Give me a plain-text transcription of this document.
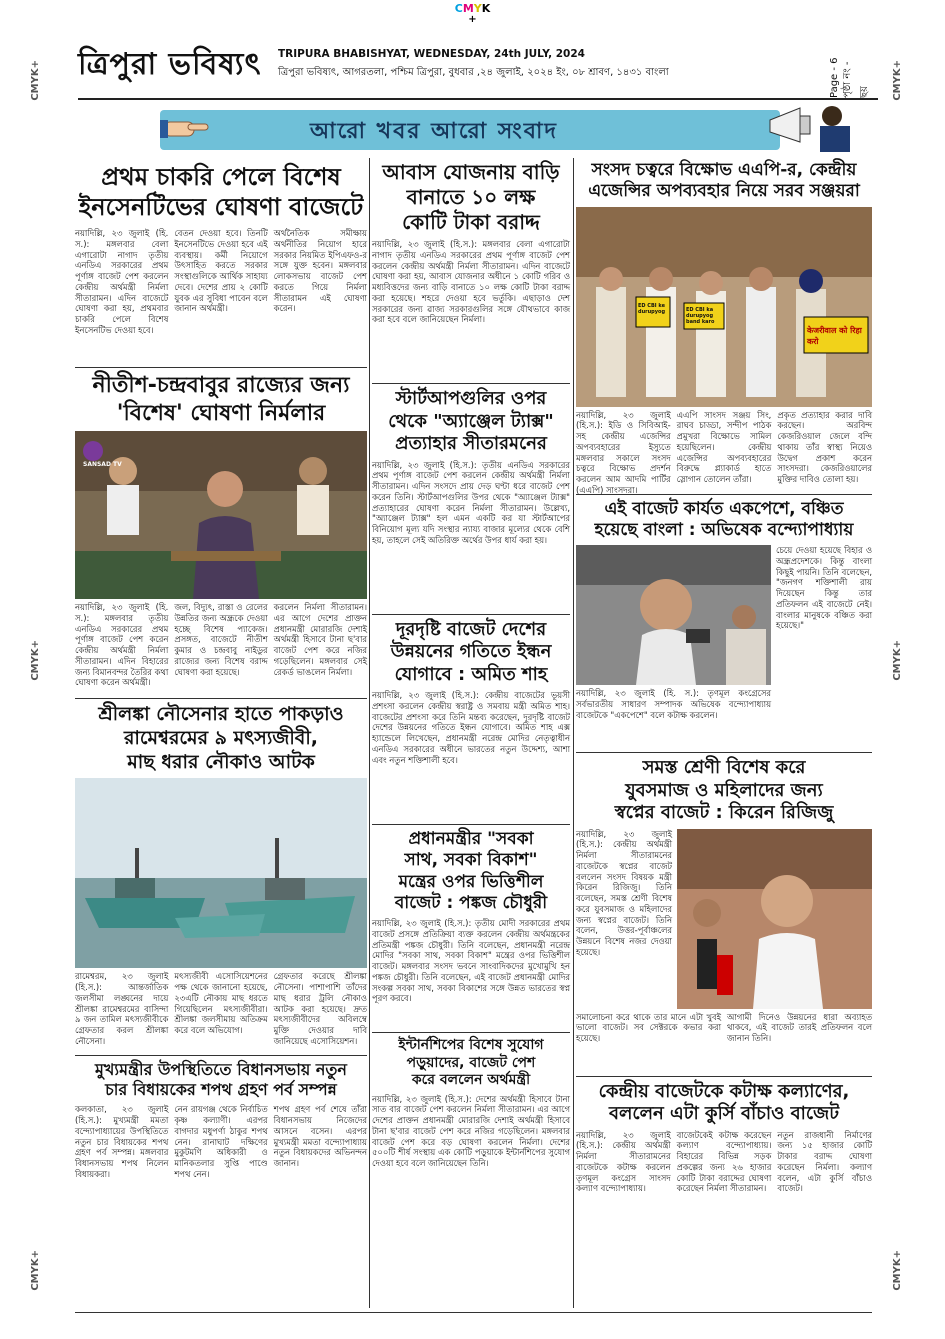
CMYK
+
CMYK+
CMYK+
CMYK+
CMYK+
CMYK+
CMYK+
ত্রিপুরা ভবিষ্যৎ TRIPURA BHABISHYAT, WEDNESDAY, 24th JULY, 2024
ত্রিপুরা ভবিষ্যৎ, আগরতলা, পশ্চিম ত্রিপুরা, বুধবার ,২৪ জুলাই, ২০২৪ ইং, ০৮ শ্রাবণ, ১৪৩১ বাংলা	Page - 6 পৃষ্ঠা নং - ছয়
আরো খবর আরো সংবাদ
প্রথম চাকরি পেলে বিশেষ
ইনসেনটিভের ঘোষণা বাজেটে
নয়াদিল্লি, ২৩ জুলাই (হি. স.): মঙ্গলবার বেলা এগারোটা নাগাদ তৃতীয় এনডিএ সরকারের প্রথম পূর্ণাঙ্গ বাজেট পেশ করলেন কেন্দ্রীয় অর্থমন্ত্রী নির্মলা সীতারামন। এদিন বাজেটে ঘোষণা করা হয়, প্রথমবার চাকরি পেলে বিশেষ ইনসেনটিভ দেওয়া হবে।
বেতন দেওয়া হবে। তিনটি ইনসেনটিভে দেওয়া হবে এই ব্যবস্থায়। কর্মী নিয়োগে উৎসাহিত করতে সরকার সংস্থাগুলিকে আর্থিক সাহায্য দেবে। দেশের প্রায় ২ কোটি যুবক এর সুবিধা পাবেন বলে জানান অর্থমন্ত্রী।
অর্থনৈতিক সমীক্ষায় অর্থনীতির নিয়োগ হারে সরকার নিয়মিত ইপিএফও-র সঙ্গে যুক্ত হবেন। মঙ্গলবার লোকসভায় বাজেট পেশ করতে গিয়ে নির্মলা সীতারামন এই ঘোষণা করেন।
নীতীশ-চন্দ্রবাবুর রাজ্যের জন্য
'বিশেষ' ঘোষণা নির্মলার
SANSAD TV
নয়াদিল্লি, ২৩ জুলাই (হি. স.): মঙ্গলবার তৃতীয় এনডিএ সরকারের প্রথম পূর্ণাঙ্গ বাজেট পেশ করেন কেন্দ্রীয় অর্থমন্ত্রী নির্মলা সীতারামন। এদিন বিহারের জন্য বিমানবন্দর তৈরির কথা ঘোষণা করেন অর্থমন্ত্রী।
জল, বিদ্যুৎ, রাস্তা ও রেলের উন্নতির জন্য অন্ধ্রকে দেওয়া হচ্ছে বিশেষ প্যাকেজ। প্রসঙ্গত, বাজেটে নীতীশ কুমার ও চন্দ্রবাবু নাইডুর রাজ্যের জন্য বিশেষ বরাদ্দ ঘোষণা করা হয়েছে।
করলেন নির্মলা সীতারামন। এর আগে দেশের প্রাক্তন প্রধানমন্ত্রী মোরারজি দেশাই অর্থমন্ত্রী হিসাবে টানা ছ'বার বাজেট পেশ করে নজির গড়েছিলেন। মঙ্গলবার সেই রেকর্ড ভাঙলেন নির্মলা।
শ্রীলঙ্কা নৌসেনার হাতে পাকড়াও
রামেশ্বরমের ৯ মৎস্যজীবী,
মাছ ধরার নৌকাও আটক
রামেশ্বরম, ২৩ জুলাই (হি.স.): আন্তর্জাতিক জলসীমা লঙ্ঘনের দায়ে শ্রীলঙ্কা রামেশ্বরমের বাসিন্দা ৯ জন তামিল মৎস্যজীবীকে গ্রেফতার করল শ্রীলঙ্কা নৌসেনা।
মৎস্যজীবী এসোসিয়েশনের পক্ষ থেকে জানানো হয়েছে, ২৩এটি নৌকায় মাছ ধরতে গিয়েছিলেন মৎস্যজীবীরা। শ্রীলঙ্কা জলসীমায় অতিক্রম করে বলে অভিযোগ।
গ্রেফতার করেছে শ্রীলঙ্কা নৌসেনা। পাশাপাশি তাঁদের মাছ ধরার ট্রলি নৌকাও আটক করা হয়েছে। দ্রুত মৎস্যজীবীদের অবিলম্বে মুক্তি দেওয়ার দাবি জানিয়েছে এসোসিয়েশন।
মুখ্যমন্ত্রীর উপস্থিতিতে বিধানসভায় নতুন
চার বিধায়কের শপথ গ্রহণ পর্ব সম্পন্ন
কলকাতা, ২৩ জুলাই (হি.স.): মুখ্যমন্ত্রী মমতা বন্দ্যোপাধ্যায়ের উপস্থিতিতে নতুন চার বিধায়কের শপথ গ্রহণ পর্ব সম্পন্ন। মঙ্গলবার বিধানসভায় শপথ নিলেন বিধায়করা।
নেন রায়গঞ্জ থেকে নির্বাচিত কৃষ্ণ কল্যাণী। এরপর বাগদার মধুপর্ণা ঠাকুর শপথ নেন। রানাঘাট দক্ষিণের মুকুটমণি অধিকারী ও মানিকতলার সুপ্তি পাণ্ডে শপথ নেন।
শপথ গ্রহণ পর্ব শেষে তাঁরা বিধানসভায় নিজেদের আসনে বসেন। এরপর মুখ্যমন্ত্রী মমতা বন্দ্যোপাধ্যায় নতুন বিধায়কদের অভিনন্দন জানান।
আবাস যোজনায় বাড়ি
বানাতে ১০ লক্ষ
কোটি টাকা বরাদ্দ
নয়াদিল্লি, ২৩ জুলাই (হি.স.): মঙ্গলবার বেলা এগারোটা নাগাদ তৃতীয় এনডিএ সরকারের প্রথম পূর্ণাঙ্গ বাজেট পেশ করলেন কেন্দ্রীয় অর্থমন্ত্রী নির্মলা সীতারামন। এদিন বাজেটে ঘোষণা করা হয়, আবাস যোজনার অধীনে ১ কোটি গরিব ও মধ্যবিত্তদের জন্য বাড়ি বানাতে ১০ লক্ষ কোটি টাকা বরাদ্দ করা হয়েছে। শহরে দেওয়া হবে ভর্তুকি। এছাড়াও দেশ সরকারের জন্য ৱাজ্য সরকারগুলির সঙ্গে যৌথভাবে কাজ করা হবে বলে জানিয়েছেন নির্মলা।
স্টার্টআপগুলির ওপর
থেকে "অ্যাঞ্জেল ট্যাক্স"
প্রত্যাহার সীতারমনের
নয়াদিল্লি, ২৩ জুলাই (হি.স.): তৃতীয় এনডিএ সরকারের প্রথম পূর্ণাঙ্গ বাজেট পেশ করলেন কেন্দ্রীয় অর্থমন্ত্রী নির্মলা সীতারামন। এদিন সংসদে প্রায় দেড় ঘণ্টা ধরে বাজেট পেশ করেন তিনি। স্টার্টআপগুলির উপর থেকে "অ্যাঞ্জেল ট্যাক্স" প্রত্যাহারের ঘোষণা করেন নির্মলা সীতারামন। উল্লেখ্য, "অ্যাঞ্জেল ট্যাক্স" হল এমন একটি কর যা স্টার্টআপের বিনিয়োগ মূল্য যদি সংস্থার ন্যায্য বাজার মূল্যের থেকে বেশি হয়, তাহলে সেই অতিরিক্ত অর্থের উপর ধার্য করা হয়।
দূরদৃষ্টি বাজেট দেশের
উন্নয়নের গতিতে ইন্ধন
যোগাবে : অমিত শাহ
নয়াদিল্লি, ২৩ জুলাই (হি.স.): কেন্দ্রীয় বাজেটের ভূয়সী প্রশংসা করলেন কেন্দ্রীয় স্বরাষ্ট্র ও সমবায় মন্ত্রী অমিত শাহ। বাজেটের প্রশংসা করে তিনি মন্তব্য করেছেন, দূরদৃষ্টি বাজেট দেশের উন্নয়নের গতিতে ইন্ধন যোগাবে। অমিত শাহ এক্স হ্যান্ডেলে লিখেছেন, প্রধানমন্ত্রী নরেন্দ্র মোদির নেতৃত্বাধীন এনডিএ সরকারের অধীনে ভারতের নতুন উদ্দেশ্য, আশা এবং নতুন শক্তিশালী হবে।
প্রধানমন্ত্রীর "সবকা
সাথ, সবকা বিকাশ"
মন্ত্রের ওপর ভিত্তিশীল
বাজেট : পঙ্কজ চৌধুরী
নয়াদিল্লি, ২৩ জুলাই (হি.স.): তৃতীয় মোদী সরকারের প্রথম বাজেট প্রসঙ্গে প্রতিক্রিয়া ব্যক্ত করলেন কেন্দ্রীয় অর্থমন্ত্রকের প্রতিমন্ত্রী পঙ্কজ চৌধুরী। তিনি বলেছেন, প্রধানমন্ত্রী নরেন্দ্র মোদির "সবকা সাথ, সবকা বিকাশ" মন্ত্রের ওপর ভিত্তিশীল বাজেট। মঙ্গলবার সংসদ ভবনে সাংবাদিকদের মুখোমুখি হন পঙ্কজ চৌধুরী। তিনি বলেছেন, এই বাজেট প্রধানমন্ত্রী মোদির সংকল্প সবকা সাথ, সবকা বিকাশের সঙ্গে উন্নত ভারতের স্বপ্ন পূরণ করবে।
ইন্টার্নশিপের বিশেষ সুযোগ
পড়ুয়াদের, বাজেট পেশ
করে বললেন অর্থমন্ত্রী
নয়াদিল্লি, ২৩ জুলাই (হি.স.): দেশের অর্থমন্ত্রী হিসাবে টানা সাত বার বাজেট পেশ করলেন নির্মলা সীতারামন। এর আগে দেশের প্রাক্তন প্রধানমন্ত্রী মোরারজি দেশাই অর্থমন্ত্রী হিসাবে টানা ছ'বার বাজেট পেশ করে নজির গড়েছিলেন। মঙ্গলবার বাজেট পেশ করে বড় ঘোষণা করলেন নির্মলা। দেশের ৫০০টি শীর্ষ সংস্থায় এক কোটি পড়ুয়াকে ইন্টার্নশিপের সুযোগ দেওয়া হবে বলে জানিয়েছেন তিনি।
সংসদ চত্বরে বিক্ষোভ এএপি-র, কেন্দ্রীয়
এজেন্সির অপব্যবহার নিয়ে সরব সঞ্জয়রা
ED CBI ke durupyog	ED CBI ka durupyog band karo
केजरीवाल को रिहा करो
নয়াদিল্লি, ২৩ জুলাই (হি.স.): ইডি ও সিবিআই-সহ কেন্দ্রীয় এজেন্সির অপব্যবহারের ইস্যুতে মঙ্গলবার সকালে সংসদ চত্বরে বিক্ষোভ প্রদর্শন করলেন আম আদমি পার্টির (এএপি) সাংসদরা।
এএপি সাংসদ সঞ্জয় সিং, রাঘব চাড্ডা, সন্দীপ পাঠক প্রমুখরা বিক্ষোভে সামিল হয়েছিলেন। কেন্দ্রীয় এজেন্সির অপব্যবহারের বিরুদ্ধে প্ল্যাকার্ড হাতে স্লোগান তোলেন তাঁরা।
প্রকৃত প্রত্যাহার করার দাবি করছেন। অরবিন্দ কেজরিওয়াল জেলে বন্দি থাকায় তাঁর স্বাস্থ্য নিয়েও উদ্বেগ প্রকাশ করেন সাংসদরা। কেজরিওয়ালের মুক্তির দাবিও তোলা হয়।
এই বাজেট কার্যত একপেশে, বঞ্চিত
হয়েছে বাংলা : অভিষেক বন্দ্যোপাধ্যায়
নয়াদিল্লি, ২৩ জুলাই (হি. স.): তৃণমূল কংগ্রেসের সর্বভারতীয় সাধারণ সম্পাদক অভিষেক বন্দ্যোপাধ্যায় বাজেটকে "একপেশে" বলে কটাক্ষ করলেন।
চেয়ে দেওয়া হয়েছে বিহার ও অন্ধ্রপ্রদেশকে। কিন্তু বাংলা কিছুই পায়নি। তিনি বলেছেন, "জনগণ শক্তিশালী রায় দিয়েছেন কিন্তু তার প্রতিফলন এই বাজেটে নেই। বাংলার মানুষকে বঞ্চিত করা হয়েছে।"
সমস্ত শ্রেণী বিশেষ করে
যুবসমাজ ও মহিলাদের জন্য
স্বপ্নের বাজেট : কিরেন রিজিজু
নয়াদিল্লি, ২৩ জুলাই (হি.স.): কেন্দ্রীয় অর্থমন্ত্রী নির্মলা সীতারামনের বাজেটকে স্বপ্নের বাজেট বললেন সংসদ বিষয়ক মন্ত্রী কিরেন রিজিজু। তিনি বলেছেন, সমস্ত শ্রেণী বিশেষ করে যুবসমাজ ও মহিলাদের জন্য স্বপ্নের বাজেট। তিনি বলেন, উত্তর-পূর্বাঞ্চলের উন্নয়নে বিশেষ নজর দেওয়া হয়েছে।
সমালোচনা করে থাকে তার মানে এটা খুবই ভালো বাজেট। সব সেক্টরকে কভার করা হয়েছে।
আগামী দিনেও উন্নয়নের ধারা অব্যাহত থাকবে, এই বাজেট তারই প্রতিফলন বলে জানান তিনি।
কেন্দ্রীয় বাজেটকে কটাক্ষ কল্যাণের,
বললেন এটা কুর্সি বাঁচাও বাজেট
নয়াদিল্লি, ২৩ জুলাই (হি.স.): কেন্দ্রীয় অর্থমন্ত্রী নির্মলা সীতারামনের বাজেটকে কটাক্ষ করলেন তৃণমূল কংগ্রেস সাংসদ কল্যাণ বন্দ্যোপাধ্যায়।
বাজেটকেই কটাক্ষ করেছেন কল্যাণ বন্দ্যোপাধ্যায়। বিহারের বিভিন্ন সড়ক প্রকল্পের জন্য ২৬ হাজার কোটি টাকা বরাদ্দের ঘোষণা করেছেন নির্মলা সীতারামন।
নতুন রাজধানী নির্মাণের জন্য ১৫ হাজার কোটি টাকার বরাদ্দ ঘোষণা করেছেন নির্মলা। কল্যাণ বলেন, এটা কুর্সি বাঁচাও বাজেট।
